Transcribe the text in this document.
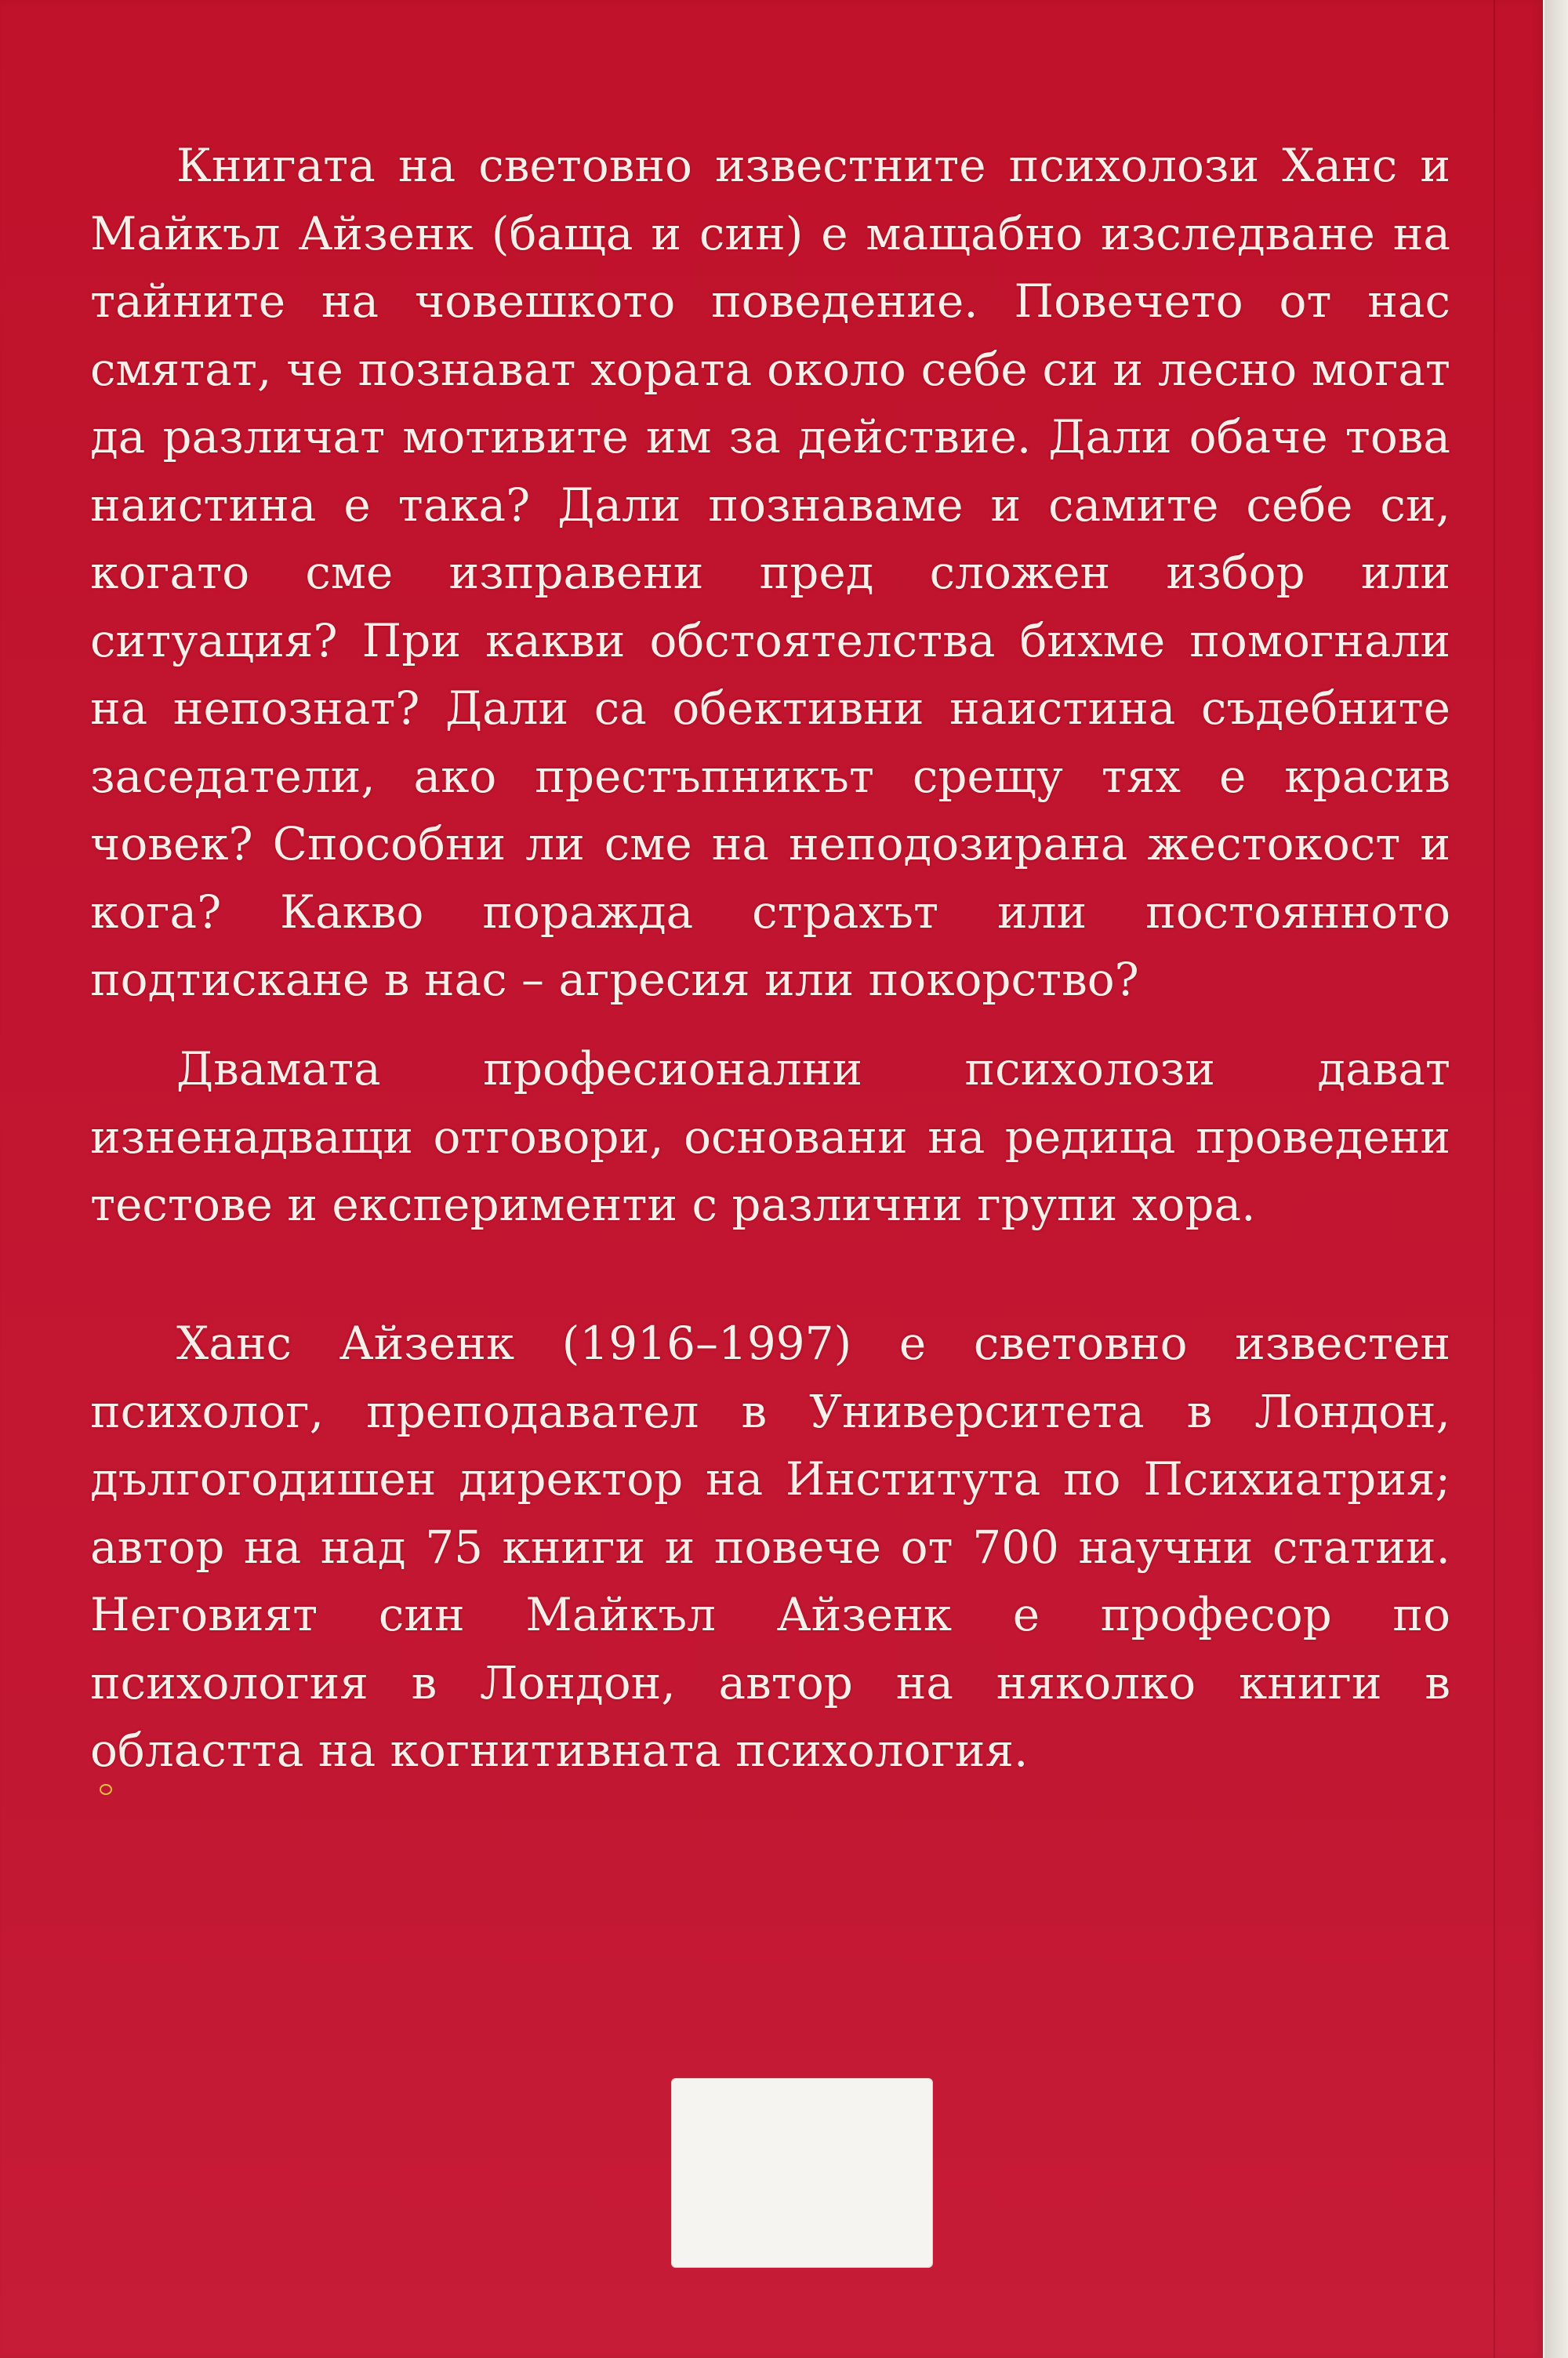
Книгата на световно известните психолози Ханс и Майкъл Айзенк (баща и син) е мащабно изследване на тайните на човешкото поведение. Повечето от нас смятат, че познават хората около себе си и лесно могат да различат мотивите им за действие. Дали обаче това наистина е така? Дали познаваме и самите себе си, когато сме изправени пред сложен избор или ситуация? При какви обстоятелства бихме помогнали на непознат? Дали са обективни наистина съдебните заседатели, ако престъпникът срещу тях е красив човек? Способни ли сме на неподозирана жестокост и кога? Какво поражда страхът или постоянното подтискане в нас – агресия или покорство?

Двамата професионални психолози дават изненадващи отговори, основани на редица проведени тестове и експерименти с различни групи хора.

Ханс Айзенк (1916–1997) е световно известен психолог, преподавател в Университета в Лондон, дългогодишен директор на Института по Психиатрия; автор на над 75 книги и повече от 700 научни статии. Неговият син Майкъл Айзенк е професор по психология в Лондон, автор на няколко книги в областта на когнитивната психология.
